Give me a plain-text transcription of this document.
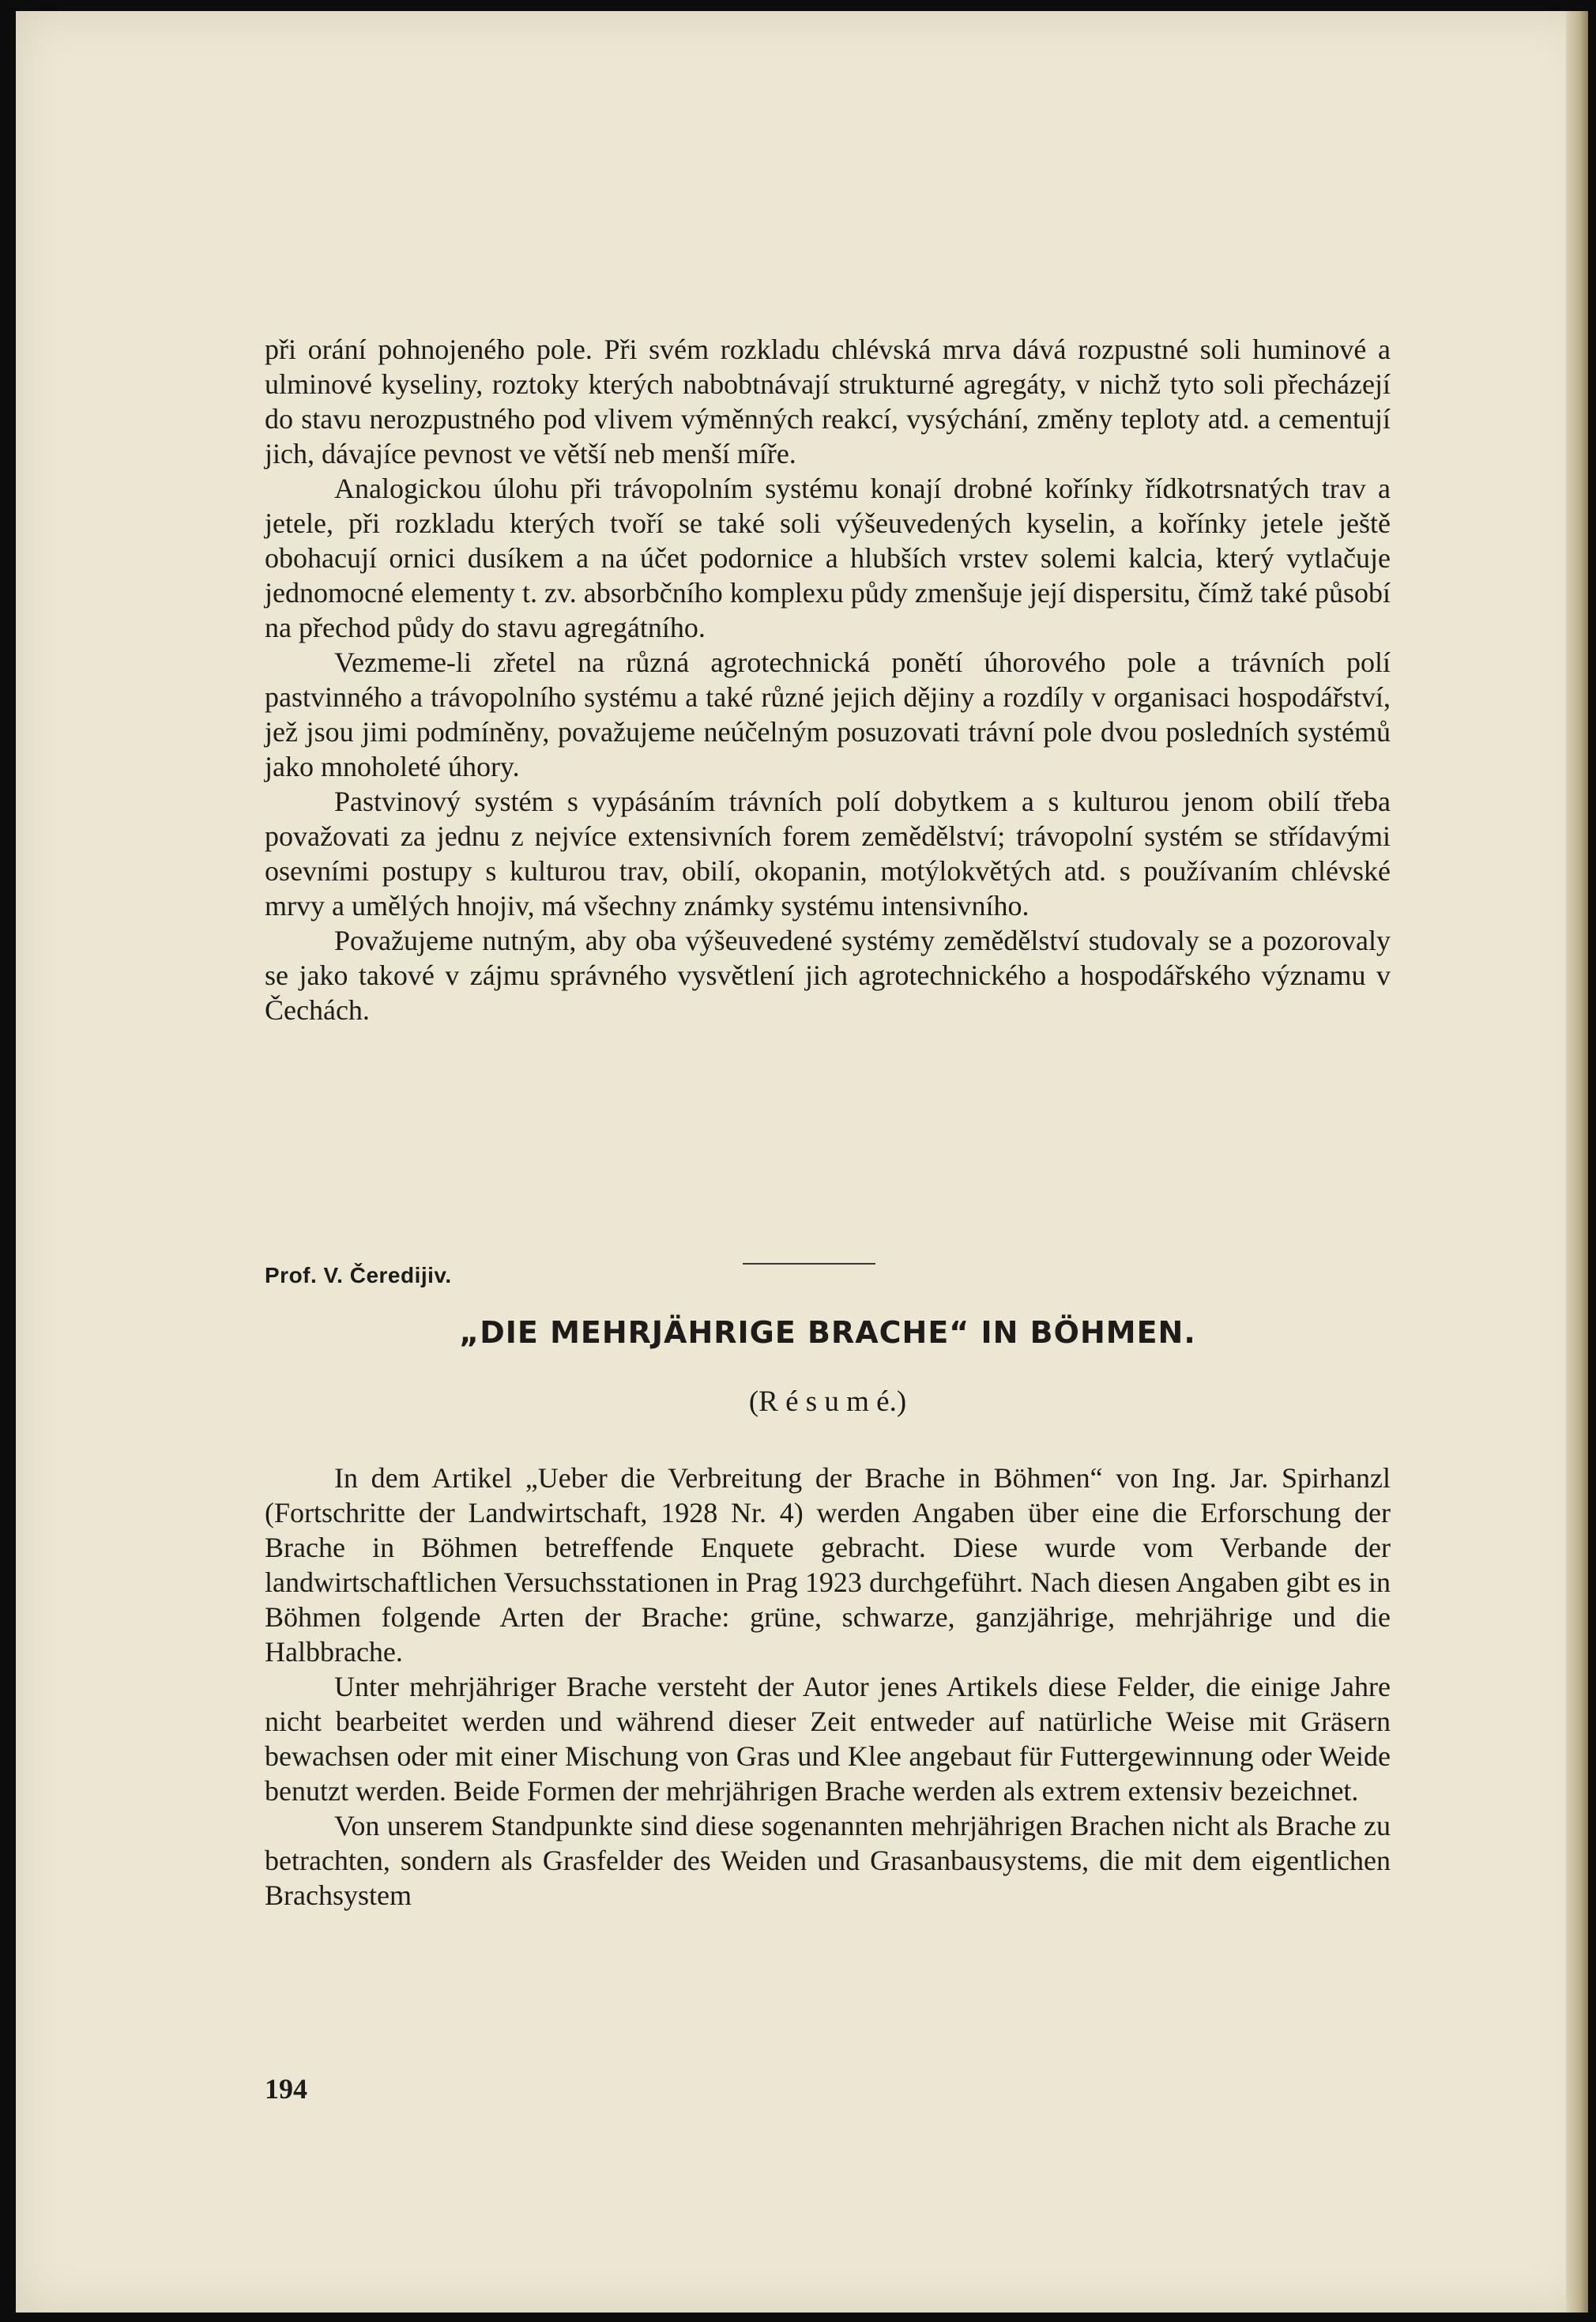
při orání pohnojeného pole. Při svém rozkladu chlévská mrva dává rozpustné soli huminové a ulminové kyseliny, roztoky kterých nabobtnávají strukturné agregáty, v nichž tyto soli přecházejí do stavu nerozpustného pod vlivem výměnných reakcí, vysýchání, změny teploty atd. a cementují jich, dávajíce pevnost ve větší neb menší míře.

Analogickou úlohu při trávopolním systému konají drobné kořínky řídkotrsnatých trav a jetele, při rozkladu kterých tvoří se také soli výšeuvedených kyselin, a kořínky jetele ještě obohacují ornici dusíkem a na účet podornice a hlubších vrstev solemi kalcia, který vytlačuje jednomocné elementy t. zv. absorbčního komplexu půdy zmenšuje její dispersitu, čímž také působí na přechod půdy do stavu agregátního.

Vezmeme-li zřetel na různá agrotechnická ponětí úhorového pole a trávních polí pastvinného a trávopolního systému a také různé jejich dějiny a rozdíly v organisaci hospodářství, jež jsou jimi podmíněny, považujeme neúčelným posuzovati trávní pole dvou posledních systémů jako mnoholeté úhory.

Pastvinový systém s vypásáním trávních polí dobytkem a s kulturou jenom obilí třeba považovati za jednu z nejvíce extensivních forem zemědělství; trávopolní systém se střídavými osevními postupy s kulturou trav, obilí, okopanin, motýlokvětých atd. s používaním chlévské mrvy a umělých hnojiv, má všechny známky systému intensivního.

Považujeme nutným, aby oba výšeuvedené systémy zemědělství studovaly se a pozorovaly se jako takové v zájmu správného vysvětlení jich agrotechnického a hospodářského významu v Čechách.

Prof. V. Čeredijiv.
„DIE MEHRJÄHRIGE BRACHE“ IN BÖHMEN.
(R é s u m é.)

In dem Artikel „Ueber die Verbreitung der Brache in Böhmen“ von Ing. Jar. Spirhanzl (Fortschritte der Landwirtschaft, 1928 Nr. 4) werden Angaben über eine die Erforschung der Brache in Böhmen betreffende Enquete gebracht. Diese wurde vom Verbande der landwirtschaftlichen Versuchsstationen in Prag 1923 durchgeführt. Nach diesen Angaben gibt es in Böhmen folgende Arten der Brache: grüne, schwarze, ganzjährige, mehrjährige und die Halbbrache.

Unter mehrjähriger Brache versteht der Autor jenes Artikels diese Felder, die einige Jahre nicht bearbeitet werden und während dieser Zeit entweder auf natürliche Weise mit Gräsern bewachsen oder mit einer Mischung von Gras und Klee angebaut für Futtergewinnung oder Weide benutzt werden. Beide Formen der mehrjährigen Brache werden als extrem extensiv bezeichnet.

Von unserem Standpunkte sind diese sogenannten mehrjährigen Brachen nicht als Brache zu betrachten, sondern als Grasfelder des Weiden und Grasanbausystems, die mit dem eigentlichen Brachsystem

194
